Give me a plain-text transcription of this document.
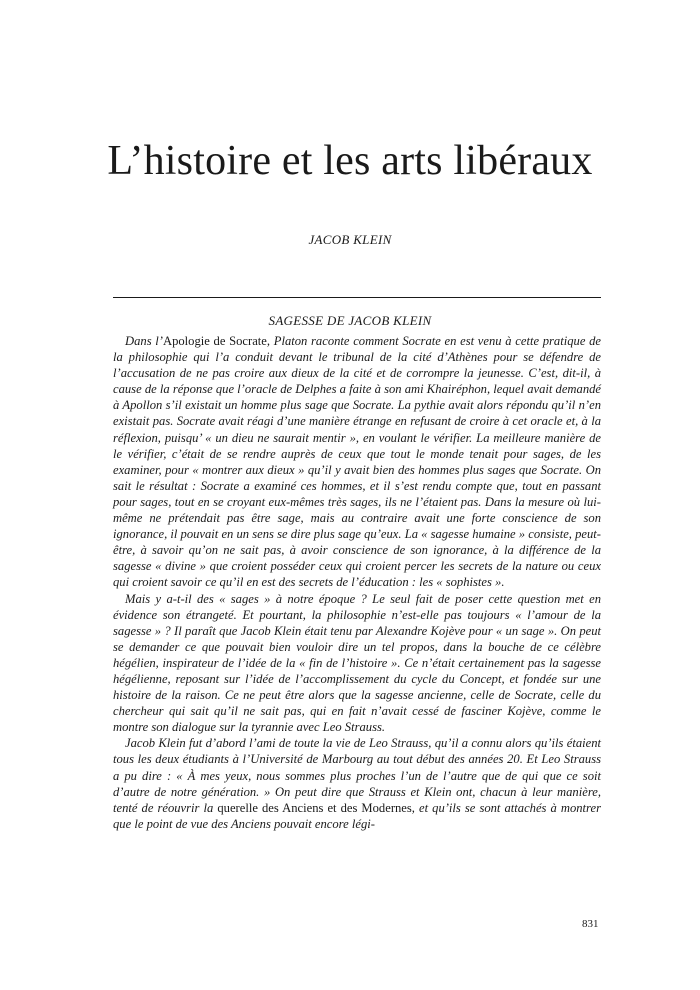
L’histoire et les arts libéraux
JACOB KLEIN
SAGESSE DE JACOB KLEIN

Dans l’Apologie de Socrate, Platon raconte comment Socrate en est venu à cette pratique de la philosophie qui l’a conduit devant le tribunal de la cité d’Athènes pour se défendre de l’accusation de ne pas croire aux dieux de la cité et de corrompre la jeunesse. C’est, dit-il, à cause de la réponse que l’oracle de Delphes a faite à son ami Khairéphon, lequel avait demandé à Apollon s’il existait un homme plus sage que Socrate. La pythie avait alors répondu qu’il n’en existait pas. Socrate avait réagi d’une manière étrange en refusant de croire à cet oracle et, à la réflexion, puisqu’ « un dieu ne saurait mentir », en voulant le vérifier. La meilleure manière de le vérifier, c’était de se rendre auprès de ceux que tout le monde tenait pour sages, de les examiner, pour « montrer aux dieux » qu’il y avait bien des hommes plus sages que Socrate. On sait le résultat : Socrate a examiné ces hommes, et il s’est rendu compte que, tout en passant pour sages, tout en se croyant eux-mêmes très sages, ils ne l’étaient pas. Dans la mesure où lui-même ne prétendait pas être sage, mais au contraire avait une forte conscience de son ignorance, il pouvait en un sens se dire plus sage qu’eux. La « sagesse humaine » consiste, peut-être, à savoir qu’on ne sait pas, à avoir conscience de son ignorance, à la différence de la sagesse « divine » que croient posséder ceux qui croient percer les secrets de la nature ou ceux qui croient savoir ce qu’il en est des secrets de l’éducation : les « sophistes ».

Mais y a-t-il des « sages » à notre époque ? Le seul fait de poser cette question met en évidence son étrangeté. Et pourtant, la philosophie n’est-elle pas toujours « l’amour de la sagesse » ? Il paraît que Jacob Klein était tenu par Alexandre Kojève pour « un sage ». On peut se demander ce que pouvait bien vouloir dire un tel propos, dans la bouche de ce célèbre hégélien, inspirateur de l’idée de la « fin de l’histoire ». Ce n’était certainement pas la sagesse hégélienne, reposant sur l’idée de l’accomplissement du cycle du Concept, et fondée sur une histoire de la raison. Ce ne peut être alors que la sagesse ancienne, celle de Socrate, celle du chercheur qui sait qu’il ne sait pas, qui en fait n’avait cessé de fasciner Kojève, comme le montre son dialogue sur la tyrannie avec Leo Strauss.

Jacob Klein fut d’abord l’ami de toute la vie de Leo Strauss, qu’il a connu alors qu’ils étaient tous les deux étudiants à l’Université de Marbourg au tout début des années 20. Et Leo Strauss a pu dire : « À mes yeux, nous sommes plus proches l’un de l’autre que de qui que ce soit d’autre de notre génération. » On peut dire que Strauss et Klein ont, chacun à leur manière, tenté de réouvrir la querelle des Anciens et des Modernes, et qu’ils se sont attachés à montrer que le point de vue des Anciens pouvait encore légi-

831
